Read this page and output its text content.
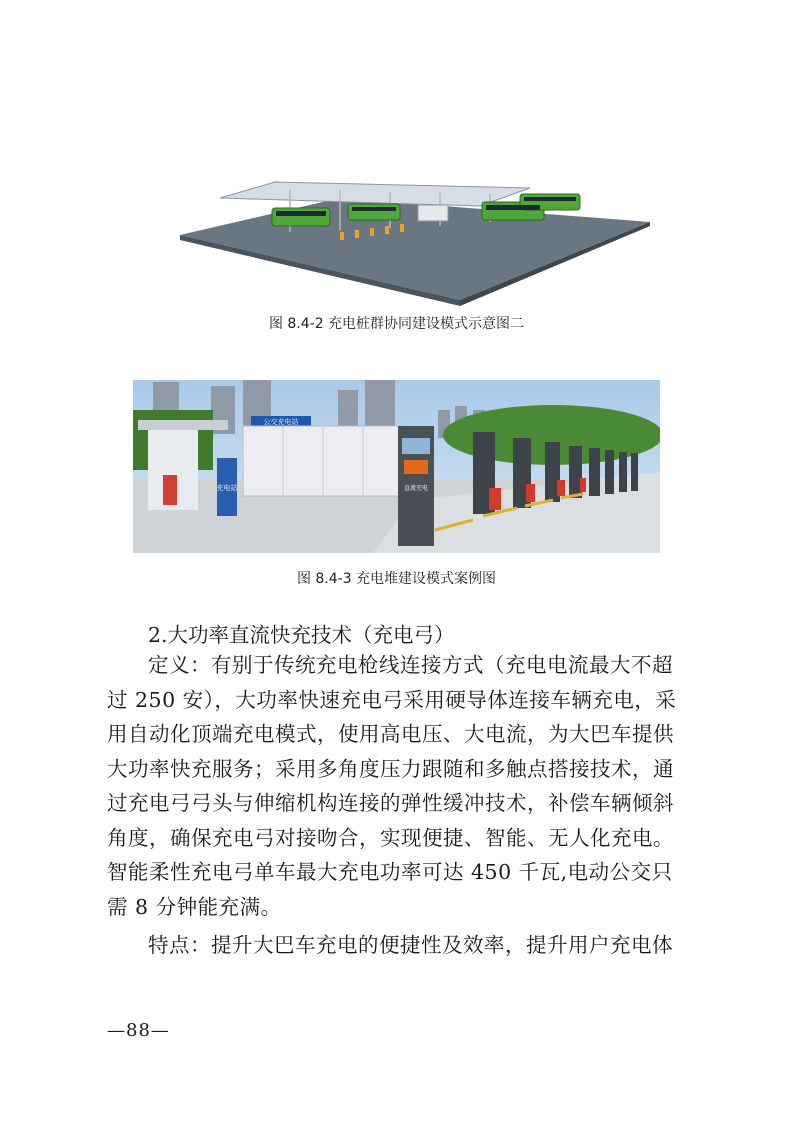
图 8.4-2 充电桩群协同建设模式示意图二
充电站
公交充电站
直流充电
图 8.4-3 充电堆建设模式案例图
2.大功率直流快充技术（充电弓）

定义：有别于传统充电枪线连接方式（充电电流最大不超过 250 安），大功率快速充电弓采用硬导体连接车辆充电，采用自动化顶端充电模式，使用高电压、大电流，为大巴车提供大功率快充服务；采用多角度压力跟随和多触点搭接技术，通过充电弓弓头与伸缩机构连接的弹性缓冲技术，补偿车辆倾斜角度，确保充电弓对接吻合，实现便捷、智能、无人化充电。智能柔性充电弓单车最大充电功率可达 450 千瓦,电动公交只需 8 分钟能充满。

特点：提升大巴车充电的便捷性及效率，提升用户充电体

—88—
